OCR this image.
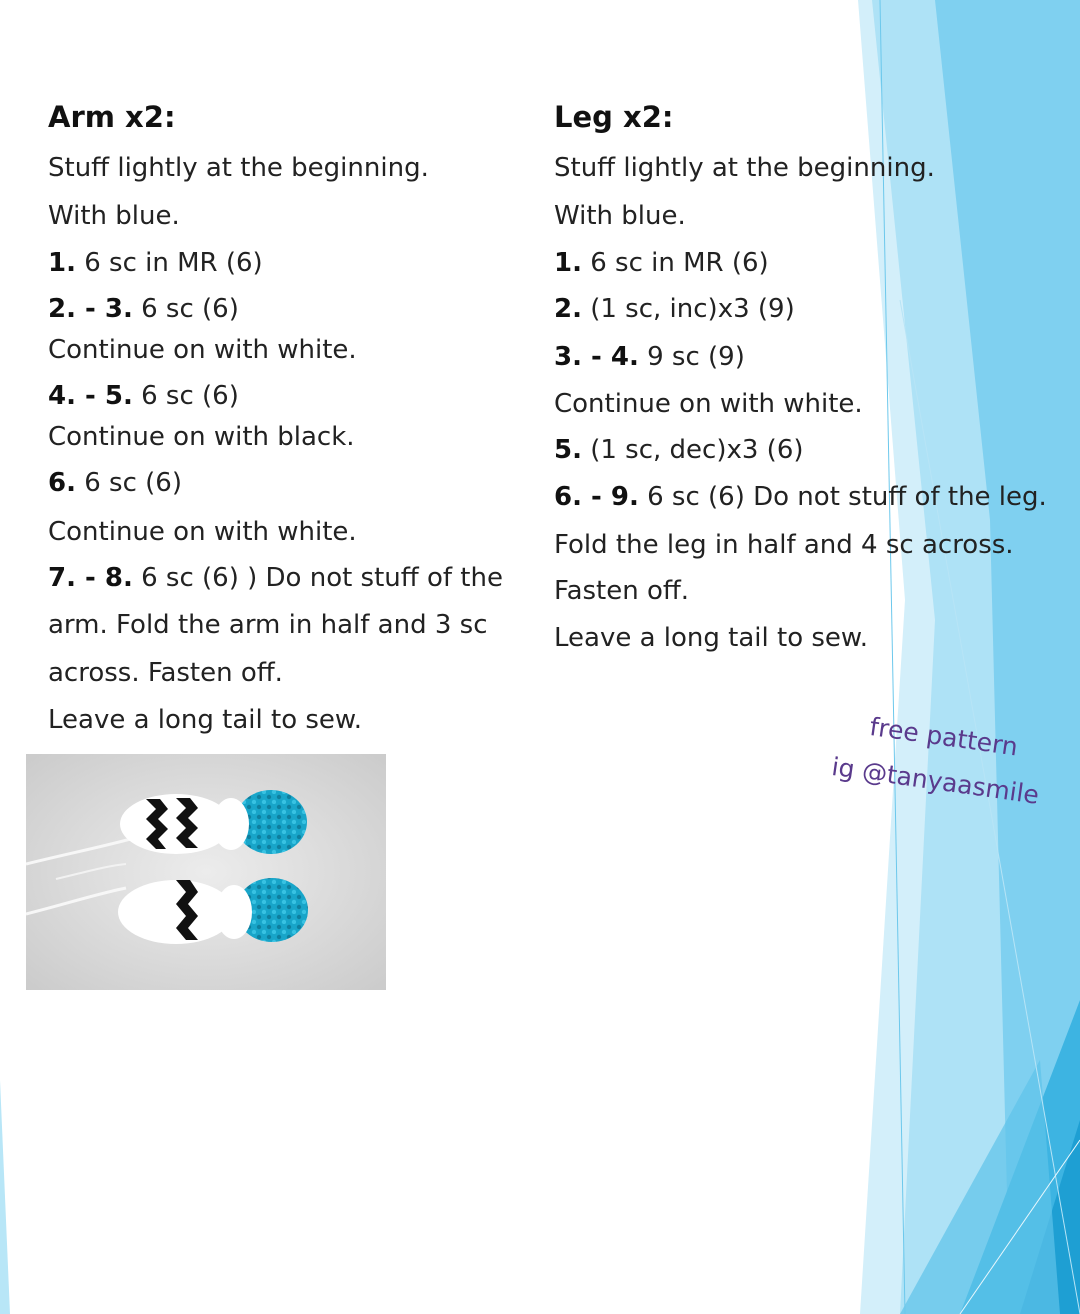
Arm x2:
Stuff lightly at the beginning.
With blue.
1. 6 sc in MR (6)
2. - 3. 6 sc (6)
Continue on with white.
4. - 5. 6 sc (6)
Continue on with black.
6. 6 sc (6)
Continue on with white.
7. - 8. 6 sc (6) ) Do not stuff of the
arm. Fold the arm in half and 3 sc
across. Fasten off.
Leave a long tail to sew.
Leg x2:
Stuff lightly at the beginning.
With blue.
1. 6 sc in MR (6)
2. (1 sc, inc)x3 (9)
3. - 4. 9 sc (9)
Continue on with white.
5. (1 sc, dec)x3 (6)
6. - 9. 6 sc (6) Do not stuff of the leg.
Fold the leg in half and 4 sc across.
Fasten off.
Leave a long tail to sew.
free pattern
ig @tanyaasmile
